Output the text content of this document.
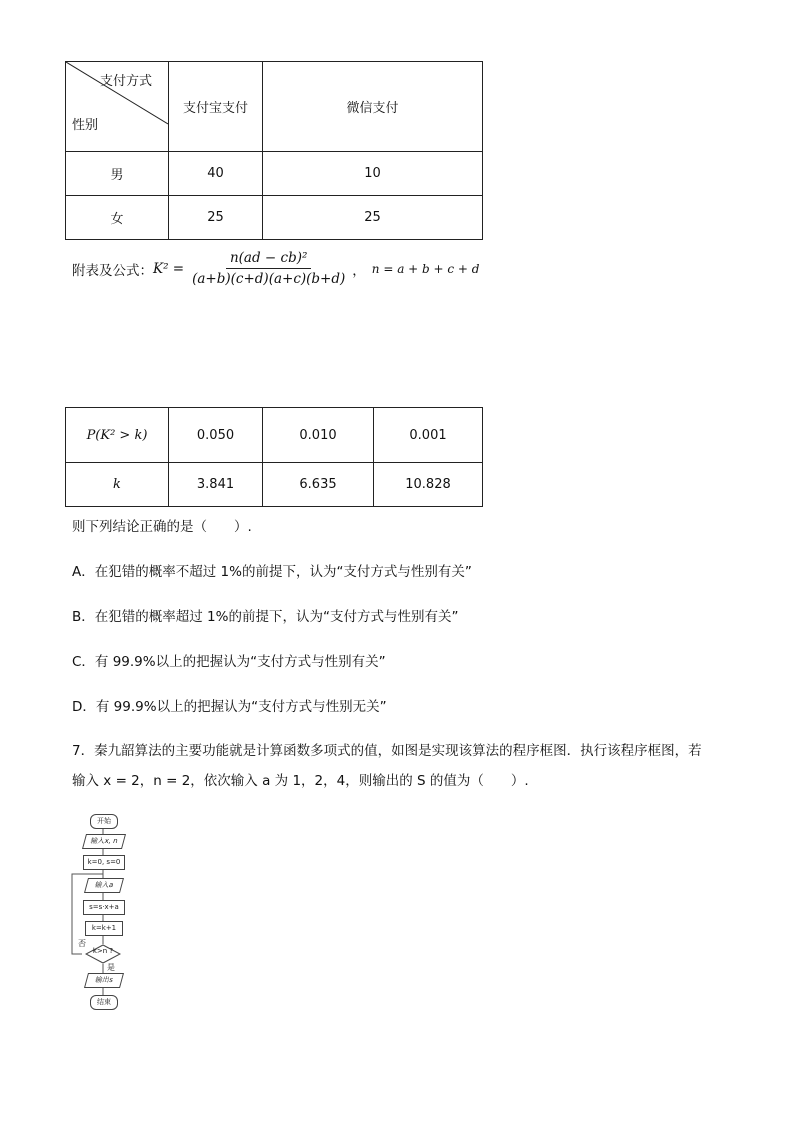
支付方式
性别	支付宝支付	微信支付
男	40	10
女	25	25
附表及公式： $K^2 = \frac{\text{n(ad − cb)²}}{(a+b)(c+d)(a+c)(b+d)}$ ， n = a + b + c + d
P(K² > k)	0.050	0.010	0.001
k	3.841	6.635	10.828
则下列结论正确的是（　　）.
A．在犯错的概率不超过 1%的前提下，认为“支付方式与性别有关”
B．在犯错的概率超过 1%的前提下，认为“支付方式与性别有关”
C．有 99.9%以上的把握认为“支付方式与性别有关”
D．有 99.9%以上的把握认为“支付方式与性别无关”
7．秦九韶算法的主要功能就是计算函数多项式的值，如图是实现该算法的程序框图．执行该程序框图，若
输入 x = 2，n = 2，依次输入 a 为 1，2，4，则输出的 S 的值为（　　）.
开始
输入x, n
k=0, s=0
输入a
s=s·x+a
k=k+1
k>n ?
否
是
输出s
结束
